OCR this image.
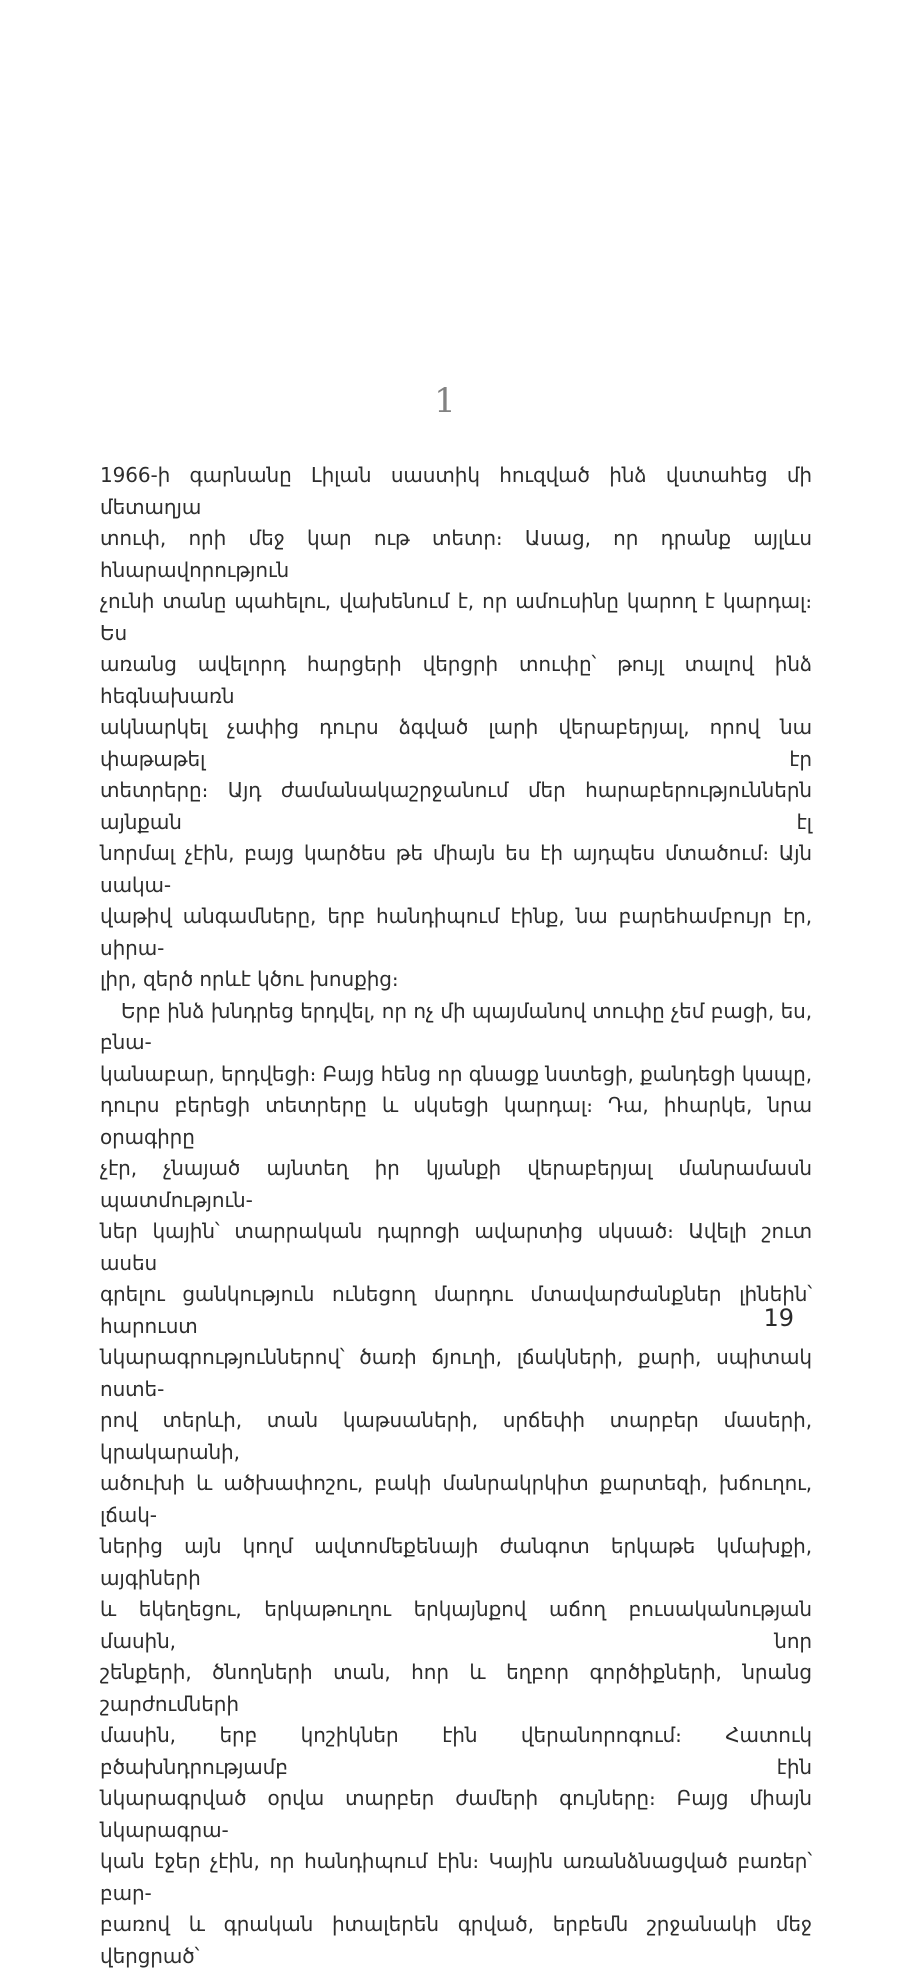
1

1966-ի գարնանը Լիլան սաստիկ հուզված ինձ վստահեց մի մետաղյա
տուփ, որի մեջ կար ութ տետր։ Ասաց, որ դրանք այլևս հնարավորություն
չունի տանը պահելու, վախենում է, որ ամուսինը կարող է կարդալ։ Ես
առանց ավելորդ հարցերի վերցրի տուփը՝ թույլ տալով ինձ հեգնախառն
ակնարկել չափից դուրս ձգված լարի վերաբերյալ, որով նա փաթաթել էր
տետրերը։ Այդ ժամանակաշրջանում մեր հարաբերություններն այնքան էլ
նորմալ չէին, բայց կարծես թե միայն ես էի այդպես մտածում։ Այն սակա-
վաթիվ անգամները, երբ հանդիպում էինք, նա բարեհամբույր էր, սիրա-
լիր, զերծ որևէ կծու խոսքից։

Երբ ինձ խնդրեց երդվել, որ ոչ մի պայմանով տուփը չեմ բացի, ես, բնա-
կանաբար, երդվեցի։ Բայց հենց որ գնացք նստեցի, քանդեցի կապը,
դուրս բերեցի տետրերը և սկսեցի կարդալ։ Դա, իհարկե, նրա օրագիրը
չէր, չնայած այնտեղ իր կյանքի վերաբերյալ մանրամասն պատմություն-
ներ կային՝ տարրական դպրոցի ավարտից սկսած։ Ավելի շուտ ասես
գրելու ցանկություն ունեցող մարդու մտավարժանքներ լինեին՝ հարուստ
նկարագրություններով՝ ծառի ճյուղի, լճակների, քարի, սպիտակ ոստե-
րով տերևի, տան կաթսաների, սրճեփի տարբեր մասերի, կրակարանի,
ածուխի և ածխափոշու, բակի մանրակրկիտ քարտեզի, խճուղու, լճակ-
ներից այն կողմ ավտոմեքենայի ժանգոտ երկաթե կմախքի, այգիների
և եկեղեցու, երկաթուղու երկայնքով աճող բուսականության մասին, նոր
շենքերի, ծնողների տան, հոր և եղբոր գործիքների, նրանց շարժումների
մասին, երբ կոշիկներ էին վերանորոգում։ Հատուկ բծախնդրությամբ էին
նկարագրված օրվա տարբեր ժամերի գույները։ Բայց միայն նկարագրա-
կան էջեր չէին, որ հանդիպում էին։ Կային առանձնացված բառեր՝ բար-
բառով և գրական իտալերեն գրված, երբեմն շրջանակի մեջ վերցրած՝

19
